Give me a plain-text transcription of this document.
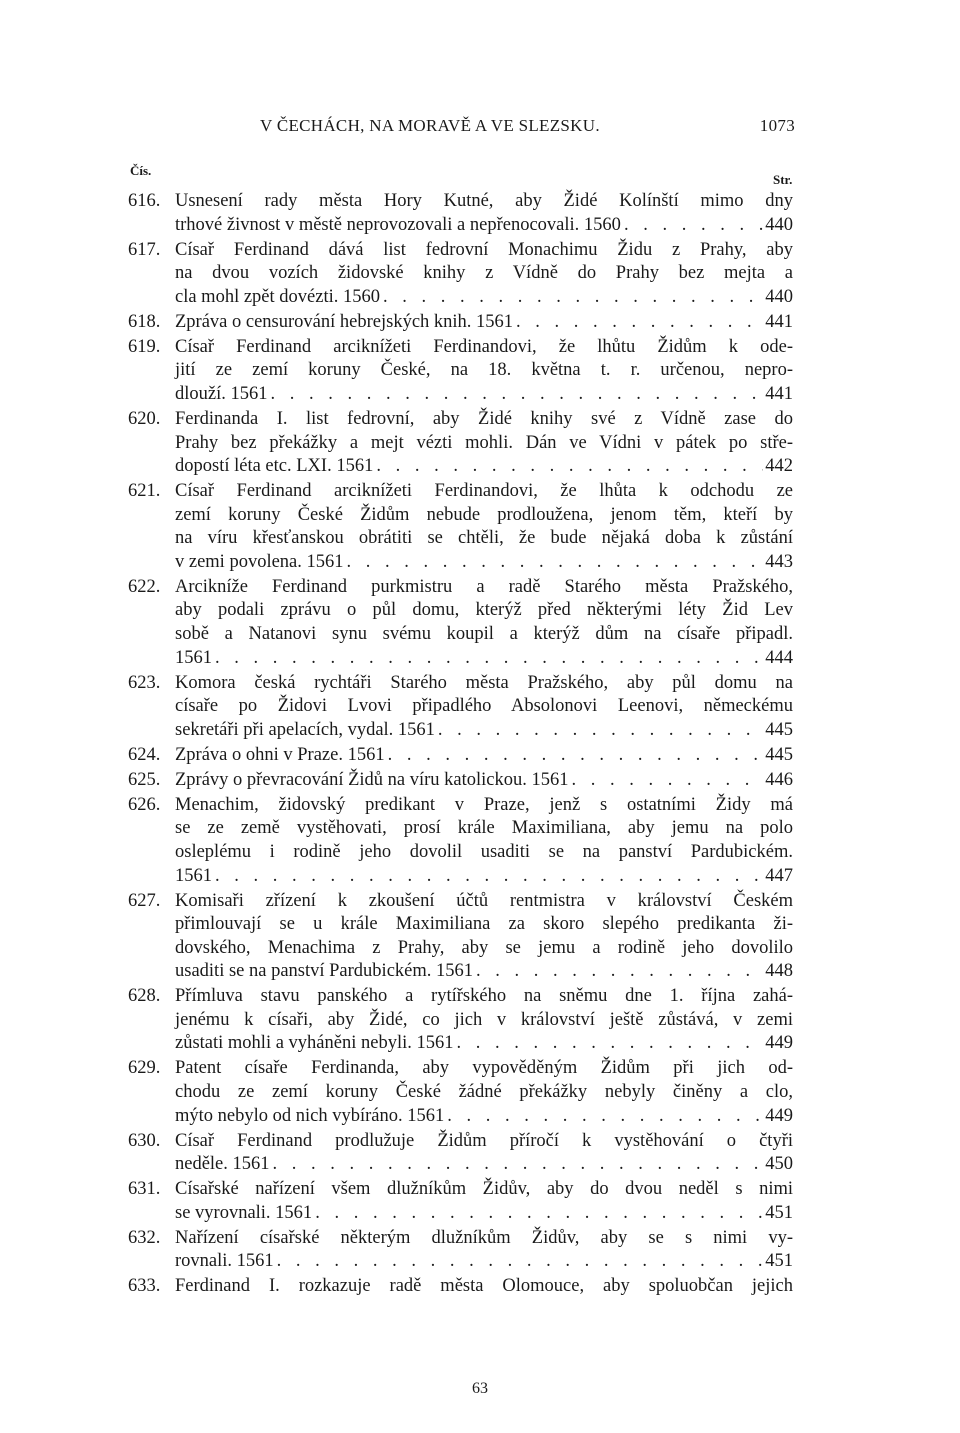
V ČECHÁCH, NA MORAVĚ A VE SLEZSKU.	1073
Čís.
Str.
616. Usnesení rady města Hory Kutné, aby Židé Kolínští mimo dny
trhové živnost v městě neprovozovali a nepřenocovali. 1560 . . .	440
617. Císař Ferdinand dává list fedrovní Monachimu Židu z Prahy, aby
na dvou vozích židovské knihy z Vídně do Prahy bez mejta a
cla mohl zpět dovézti. 1560 . . .	440
618. Zpráva o censurování hebrejských knih. 1561 . . .	441
619. Císař Ferdinand arciknížeti Ferdinandovi, že lhůtu Židům k ode-
jití ze zemí koruny České, na 18. května t. r. určenou, nepro-
dlouží. 1561 . . .	441
620. Ferdinanda I. list fedrovní, aby Židé knihy své z Vídně zase do
Prahy bez překážky a mejt vézti mohli. Dán ve Vídni v pátek po stře-
dopostí léta etc. LXI. 1561 . . .	442
621. Císař Ferdinand arciknížeti Ferdinandovi, že lhůta k odchodu ze
zemí koruny České Židům nebude prodloužena, jenom těm, kteří by
na víru křesťanskou obrátiti se chtěli, že bude nějaká doba k zůstání
v zemi povolena. 1561 . . .	443
622. Arcikníže Ferdinand purkmistru a radě Starého města Pražského,
aby podali zprávu o půl domu, kterýž před některými léty Žid Lev
sobě a Natanovi synu svému koupil a kterýž dům na císaře připadl.
1561 . . .	444
623. Komora česká rychtáři Starého města Pražského, aby půl domu na
císaře po Židovi Lvovi připadlého Absolonovi Leenovi, německému
sekretáři při apelacích, vydal. 1561 . . .	445
624. Zpráva o ohni v Praze. 1561 . . .	445
625. Zprávy o převracování Židů na víru katolickou. 1561 . . .	446
626. Menachim, židovský predikant v Praze, jenž s ostatními Židy má
se ze země vystěhovati, prosí krále Maximiliana, aby jemu na polo
osleplému i rodině jeho dovolil usaditi se na panství Pardubickém.
1561 . . .	447
627. Komisaři zřízení k zkoušení účtů rentmistra v království Českém
přimlouvají se u krále Maximiliana za skoro slepého predikanta ži-
dovského, Menachima z Prahy, aby se jemu a rodině jeho dovolilo
usaditi se na panství Pardubickém. 1561 . . .	448
628. Přímluva stavu panského a rytířského na sněmu dne 1. října zahá-
jenému k císaři, aby Židé, co jich v království ještě zůstává, v zemi
zůstati mohli a vyháněni nebyli. 1561 . . .	449
629. Patent císaře Ferdinanda, aby vypověděným Židům při jich od-
chodu ze zemí koruny České žádné překážky nebyly činěny a clo,
mýto nebylo od nich vybíráno. 1561 . . .	449
630. Císař Ferdinand prodlužuje Židům příročí k vystěhování o čtyři
neděle. 1561 . . .	450
631. Císařské nařízení všem dlužníkům Židův, aby do dvou neděl s nimi
se vyrovnali. 1561 . . .	451
632. Nařízení císařské některým dlužníkům Židův, aby se s nimi vy-
rovnali. 1561 . . .	451
633. Ferdinand I. rozkazuje radě města Olomouce, aby spoluobčan jejich
63
